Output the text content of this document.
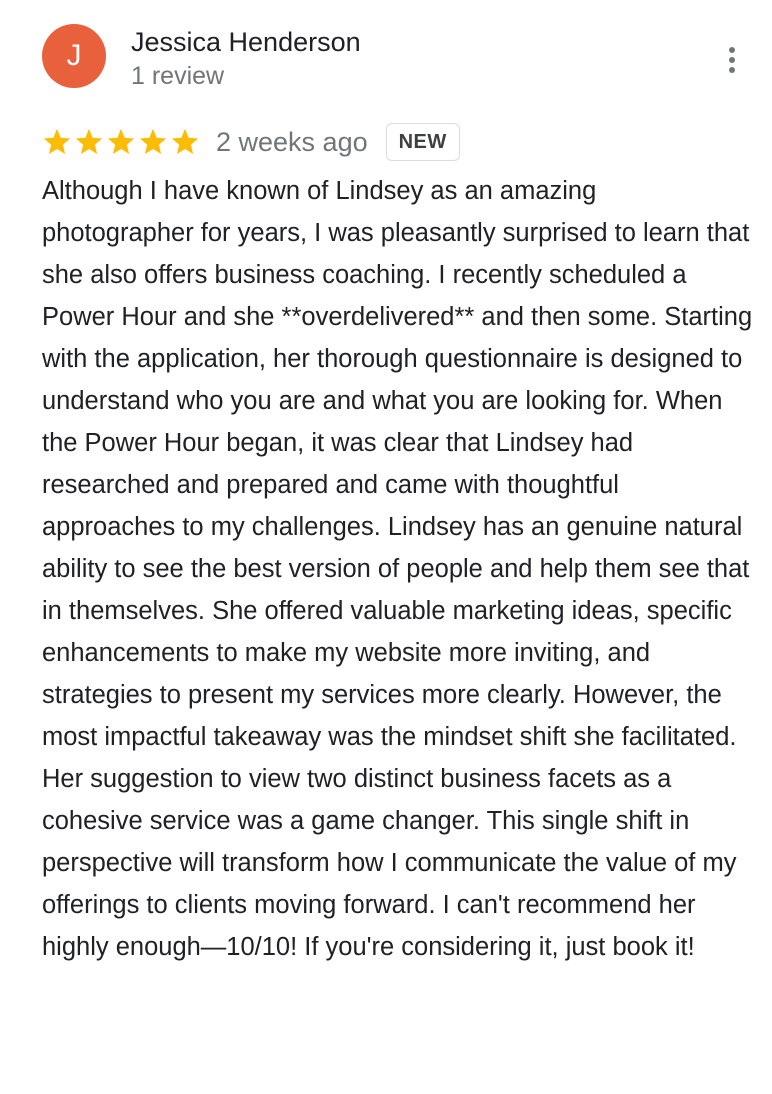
J Jessica Henderson
1 review
2 weeks ago	NEW

Although I have known of Lindsey as an amazing photographer for years, I was pleasantly surprised to learn that she also offers business coaching. I recently scheduled a Power Hour and she **overdelivered** and then some. Starting with the application, her thorough questionnaire is designed to understand who you are and what you are looking for. When the Power Hour began, it was clear that Lindsey had researched and prepared and came with thoughtful approaches to my challenges. Lindsey has an genuine natural ability to see the best version of people and help them see that in themselves. She offered valuable marketing ideas, specific enhancements to make my website more inviting, and strategies to present my services more clearly. However, the most impactful takeaway was the mindset shift she facilitated. Her suggestion to view two distinct business facets as a cohesive service was a game changer. This single shift in perspective will transform how I communicate the value of my offerings to clients moving forward. I can't recommend her highly enough—10/10! If you're considering it, just book it!
